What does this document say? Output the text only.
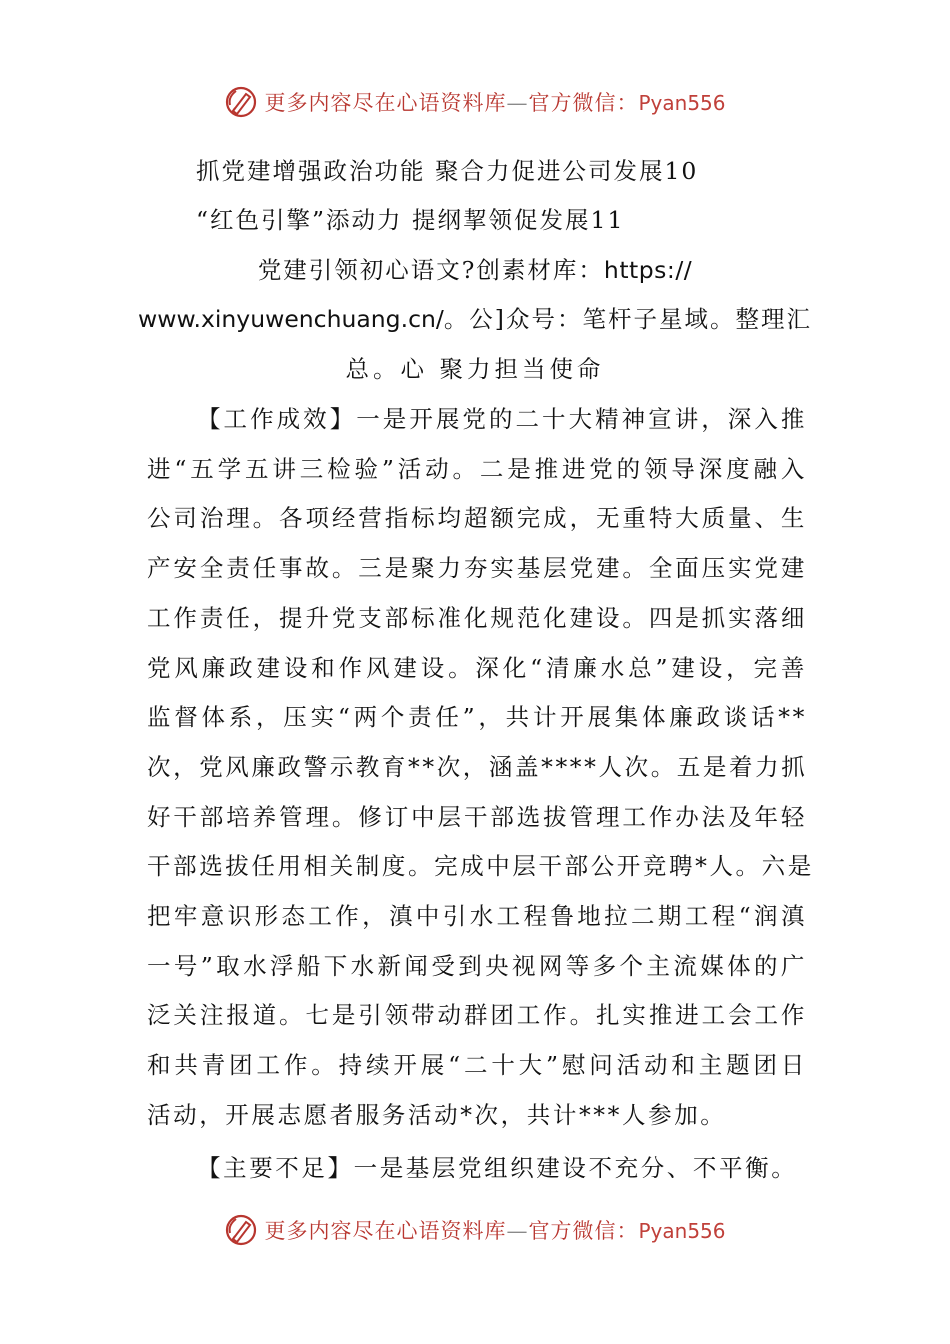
更多内容尽在心语资料库—官方微信：Pyan556
抓党建增强政治功能 聚合力促进公司发展10
“红色引擎”添动力 提纲挈领促发展11
党建引领初心语文?创素材库：https://
www.xinyuwenchuang.cn/。公]众号：笔杆子星域。整理汇
总。心 聚力担当使命
【工作成效】一是开展党的二十大精神宣讲，深入推
进“五学五讲三检验”活动。二是推进党的领导深度融入
公司治理。各项经营指标均超额完成，无重特大质量、生
产安全责任事故。三是聚力夯实基层党建。全面压实党建
工作责任，提升党支部标准化规范化建设。四是抓实落细
党风廉政建设和作风建设。深化“清廉水总”建设，完善
监督体系，压实“两个责任”，共计开展集体廉政谈话**
次，党风廉政警示教育**次，涵盖****人次。五是着力抓
好干部培养管理。修订中层干部选拔管理工作办法及年轻
干部选拔任用相关制度。完成中层干部公开竞聘*人。六是
把牢意识形态工作，滇中引水工程鲁地拉二期工程“润滇
一号”取水浮船下水新闻受到央视网等多个主流媒体的广
泛关注报道。七是引领带动群团工作。扎实推进工会工作
和共青团工作。持续开展“二十大”慰问活动和主题团日
活动，开展志愿者服务活动*次，共计***人参加。
【主要不足】一是基层党组织建设不充分、不平衡。
更多内容尽在心语资料库—官方微信：Pyan556
